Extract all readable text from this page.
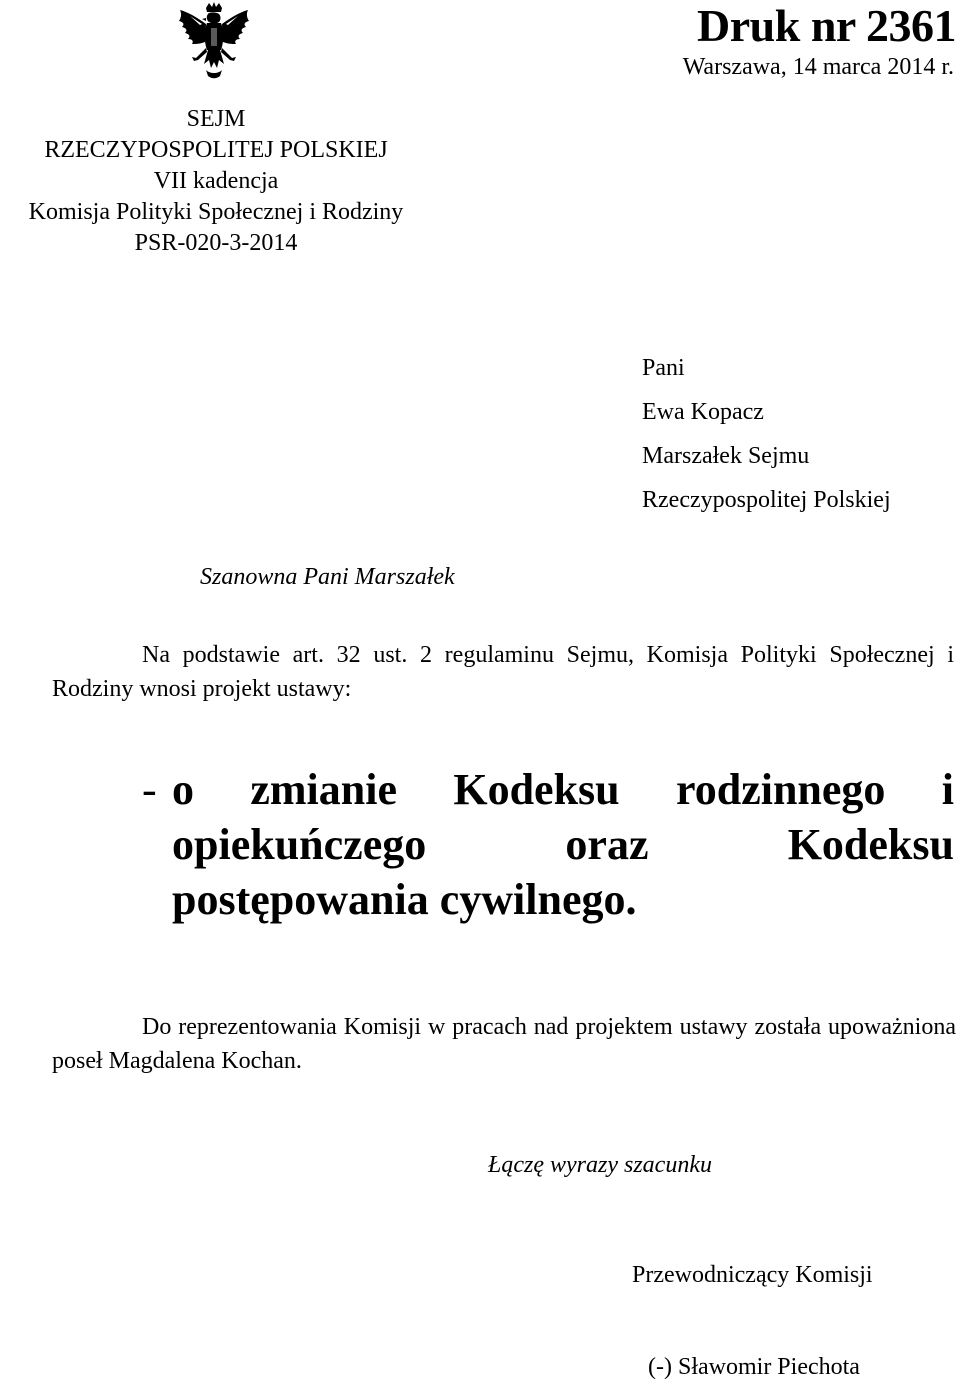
Druk nr 2361
Warszawa, 14 marca 2014 r.
SEJM
RZECZYPOSPOLITEJ POLSKIEJ
VII kadencja
Komisja Polityki Społecznej i Rodziny
PSR-020-3-2014
Pani
Ewa Kopacz
Marszałek Sejmu
Rzeczypospolitej Polskiej
Szanowna Pani Marszałek

Na podstawie art. 32 ust. 2 regulaminu Sejmu, Komisja Polityki Społecznej i Rodziny wnosi projekt ustawy:

- o zmianie Kodeksu rodzinnego i opiekuńczego oraz Kodeksu postępowania cywilnego.

Do reprezentowania Komisji w pracach nad projektem ustawy została upoważniona poseł Magdalena Kochan.

Łączę wyrazy szacunku
Przewodniczący Komisji
(-) Sławomir Piechota
